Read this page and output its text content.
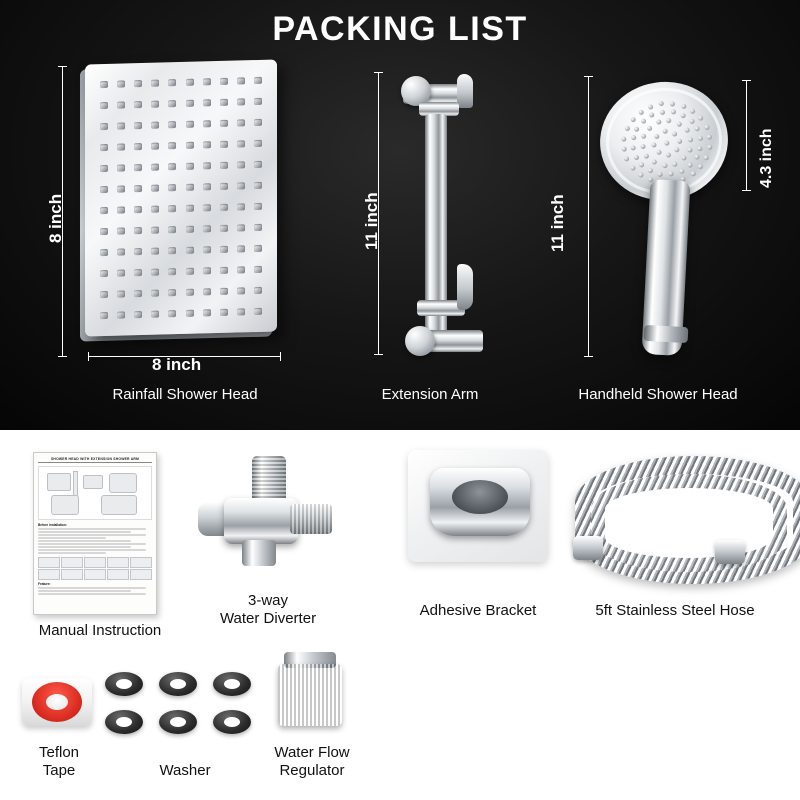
PACKING LIST
8 inch
8 inch
Rainfall Shower Head
11 inch
Extension Arm
11 inch
4.3 inch
Handheld Shower Head
SHOWER HEAD WITH EXTENSION SHOWER ARM
Before Installation:
Feature:
Manual Instruction
3-way
Water Diverter	Adhesive Bracket	5ft Stainless Steel Hose
Teflon
Tape	Washer
Water Flow
Regulator
